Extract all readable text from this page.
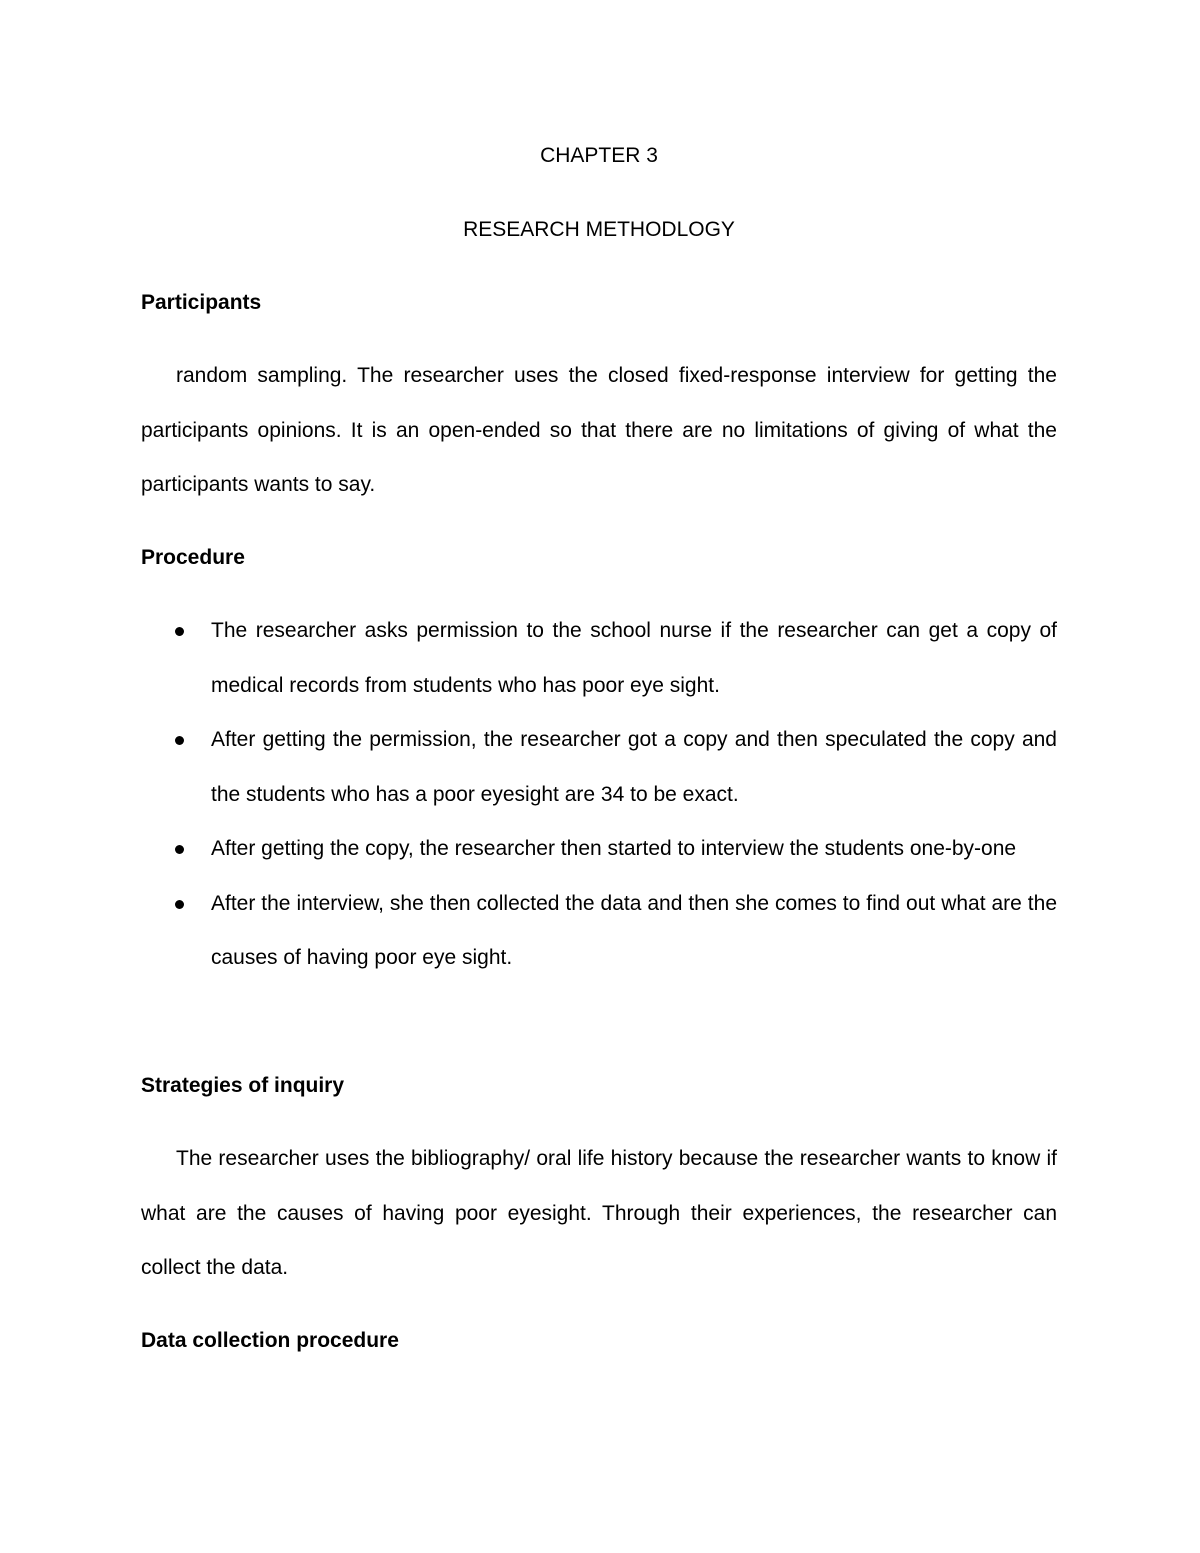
CHAPTER 3
RESEARCH METHODLOGY
Participants

random sampling. The researcher uses the closed fixed-response interview for getting the participants opinions. It is an open-ended so that there are no limitations of giving of what the participants wants to say.

Procedure
The researcher asks permission to the school nurse if the researcher can get a copy of medical records from students who has poor eye sight.
After getting the permission, the researcher got a copy and then speculated the copy and the students who has a poor eyesight are 34 to be exact.
After getting the copy, the researcher then started to interview the students one-by-one
After the interview, she then collected the data and then she comes to find out what are the causes of having poor eye sight.
Strategies of inquiry

The researcher uses the bibliography/ oral life history because the researcher wants to know if what are the causes of having poor eyesight. Through their experiences, the researcher can collect the data.

Data collection procedure
